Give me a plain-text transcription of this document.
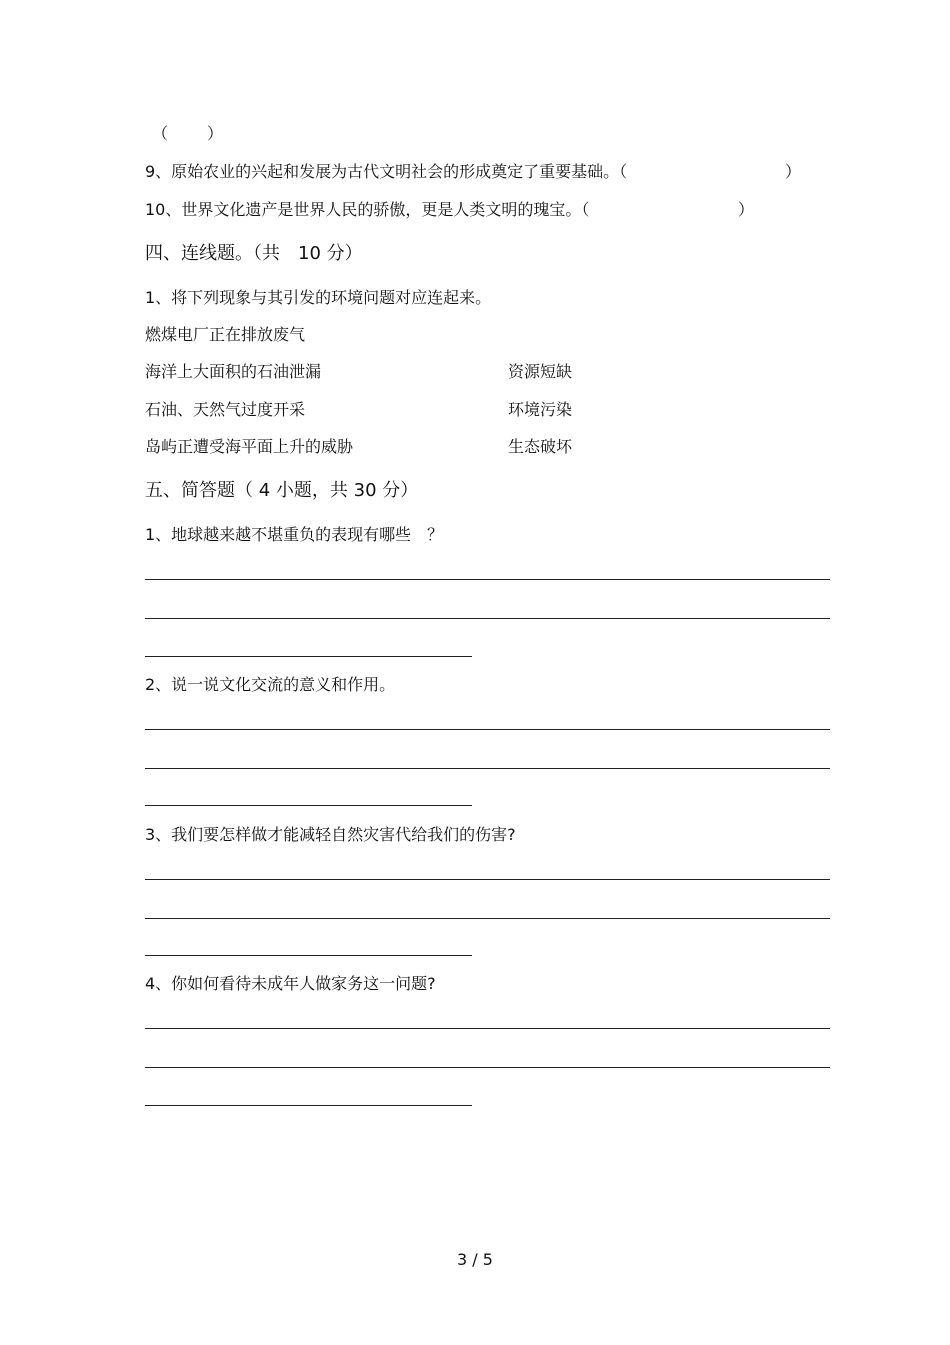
（ ）
9、原始农业的兴起和发展为古代文明社会的形成奠定了重要基础。（	）
10、世界文化遗产是世界人民的骄傲，更是人类文明的瑰宝。（	）
四、连线题。（共　10 分）
1、将下列现象与其引发的环境问题对应连起来。
燃煤电厂正在排放废气
海洋上大面积的石油泄漏	资源短缺
石油、天然气过度开采	环境污染
岛屿正遭受海平面上升的威胁	生态破坏
五、简答题（ 4 小题，共 30 分）
1、地球越来越不堪重负的表现有哪些　？
2、说一说文化交流的意义和作用。
3、我们要怎样做才能减轻自然灾害代给我们的伤害?
4、你如何看待未成年人做家务这一问题?
3 / 5
